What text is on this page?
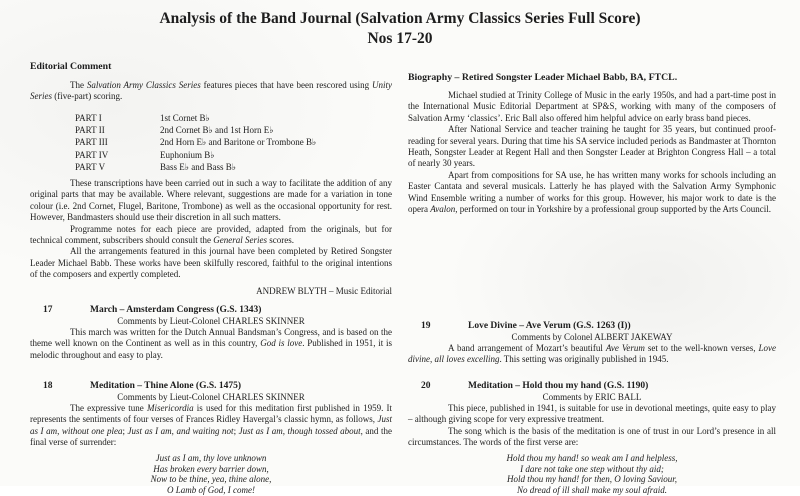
Analysis of the Band Journal (Salvation Army Classics Series Full Score)
Nos 17-20
Editorial Comment

The Salvation Army Classics Series features pieces that have been rescored using Unity Series (five-part) scoring.

PART I	1st Cornet B♭
PART II	2nd Cornet B♭ and 1st Horn E♭
PART III	2nd Horn E♭ and Baritone or Trombone B♭
PART IV	Euphonium B♭
PART V	Bass E♭ and Bass B♭

These transcriptions have been carried out in such a way to facilitate the addition of any original parts that may be available. Where relevant, suggestions are made for a variation in tone colour (i.e. 2nd Cornet, Flugel, Baritone, Trombone) as well as the occasional opportunity for rest. However, Bandmasters should use their discretion in all such matters.

Programme notes for each piece are provided, adapted from the originals, but for technical comment, subscribers should consult the General Series scores.

All the arrangements featured in this journal have been completed by Retired Songster Leader Michael Babb. These works have been skilfully rescored, faithful to the original intentions of the composers and expertly completed.

ANDREW BLYTH – Music Editorial
17	March – Amsterdam Congress (G.S. 1343)
Comments by Lieut-Colonel CHARLES SKINNER

This march was written for the Dutch Annual Bandsman’s Congress, and is based on the theme well known on the Continent as well as in this country, God is love. Published in 1951, it is melodic throughout and easy to play.

18	Meditation – Thine Alone (G.S. 1475)
Comments by Lieut-Colonel CHARLES SKINNER

The expressive tune Misericordia is used for this meditation first published in 1959. It represents the sentiments of four verses of Frances Ridley Havergal’s classic hymn, as follows, Just as I am, without one plea; Just as I am, and waiting not; Just as I am, though tossed about, and the final verse of surrender:

Just as I am, thy love unknown
Has broken every barrier down,
Now to be thine, yea, thine alone,
O Lamb of God, I come!
Biography – Retired Songster Leader Michael Babb, BA, FTCL.

Michael studied at Trinity College of Music in the early 1950s, and had a part-time post in the International Music Editorial Department at SP&S, working with many of the composers of Salvation Army ‘classics’. Eric Ball also offered him helpful advice on early brass band pieces.

After National Service and teacher training he taught for 35 years, but continued proof-reading for several years. During that time his SA service included periods as Bandmaster at Thornton Heath, Songster Leader at Regent Hall and then Songster Leader at Brighton Congress Hall – a total of nearly 30 years.

Apart from compositions for SA use, he has written many works for schools including an Easter Cantata and several musicals. Latterly he has played with the Salvation Army Symphonic Wind Ensemble writing a number of works for this group. However, his major work to date is the opera Avalon, performed on tour in Yorkshire by a professional group supported by the Arts Council.

19	Love Divine – Ave Verum (G.S. 1263 (I))
Comments by Colonel ALBERT JAKEWAY

A band arrangement of Mozart’s beautiful Ave Verum set to the well-known verses, Love divine, all loves excelling. This setting was originally published in 1945.

20	Meditation – Hold thou my hand (G.S. 1190)
Comments by ERIC BALL

This piece, published in 1941, is suitable for use in devotional meetings, quite easy to play – although giving scope for very expressive treatment.

The song which is the basis of the meditation is one of trust in our Lord’s presence in all circumstances. The words of the first verse are:

Hold thou my hand! so weak am I and helpless,
I dare not take one step without thy aid;
Hold thou my hand! for then, O loving Saviour,
No dread of ill shall make my soul afraid.
